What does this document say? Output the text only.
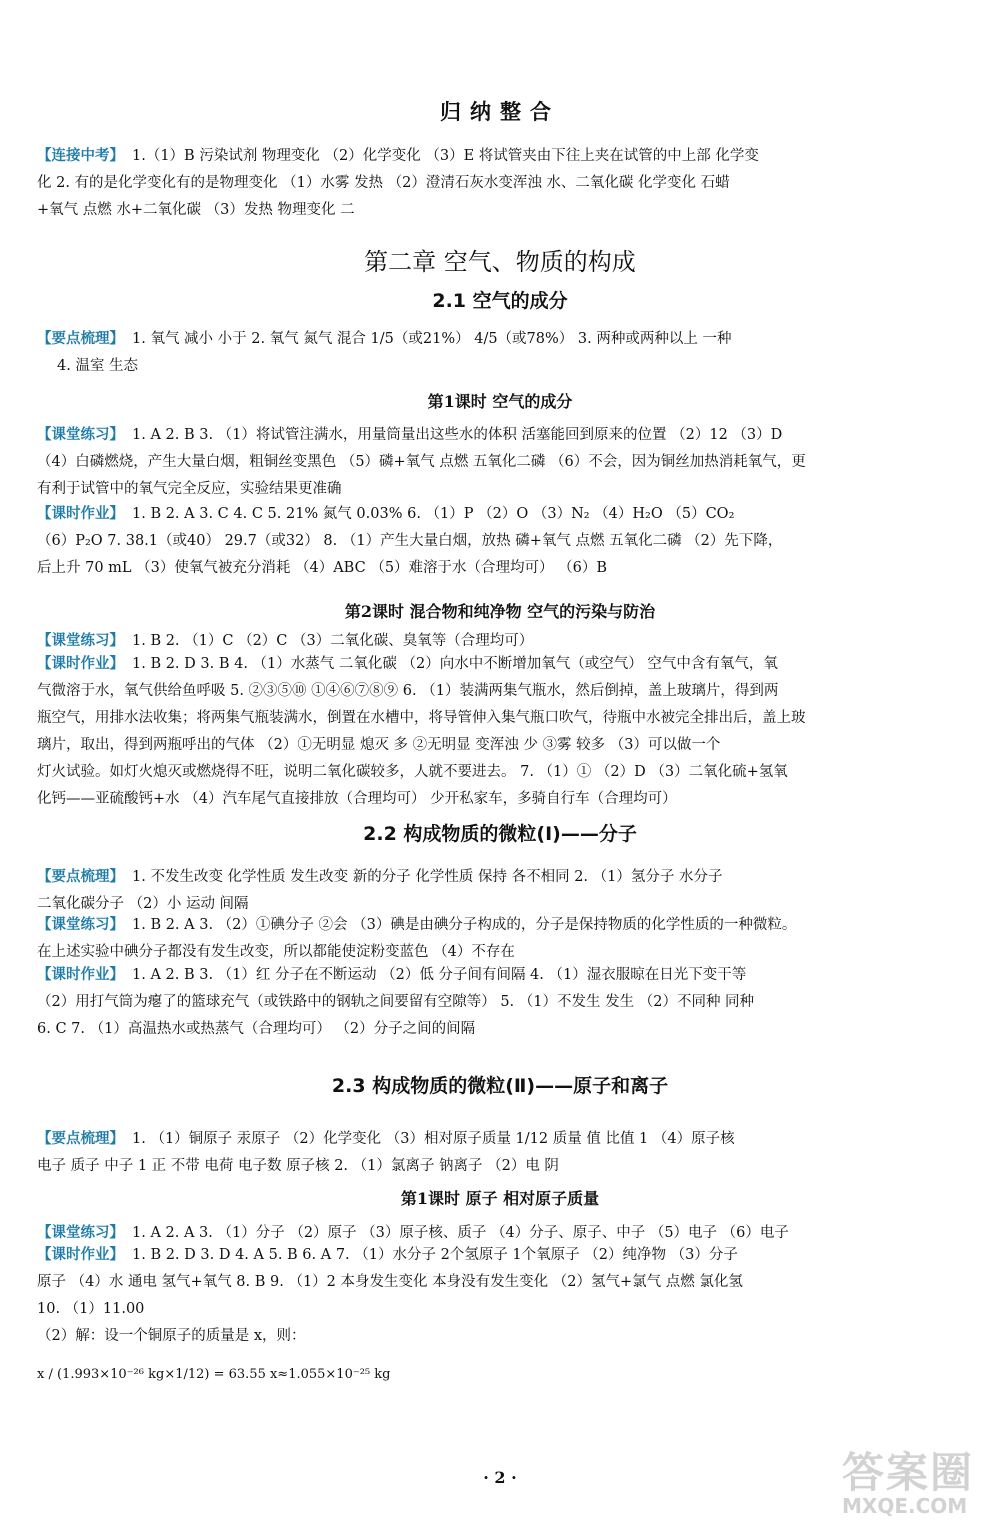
归纳整合
【连接中考】 1.（1）B 污染试剂 物理变化 （2）化学变化 （3）E 将试管夹由下往上夹在试管的中上部 化学变
化 2. 有的是化学变化有的是物理变化 （1）水雾 发热 （2）澄清石灰水变浑浊 水、二氧化碳 化学变化 石蜡
+氧气 点燃 水+二氧化碳 （3）发热 物理变化 二
第二章 空气、物质的构成
2.1 空气的成分
【要点梳理】 1. 氧气 减小 小于 2. 氧气 氮气 混合 1/5（或21%） 4/5（或78%） 3. 两种或两种以上 一种
4. 温室 生态
第1课时 空气的成分
【课堂练习】 1. A 2. B 3. （1）将试管注满水，用量筒量出这些水的体积 活塞能回到原来的位置 （2）12 （3）D
（4）白磷燃烧，产生大量白烟，粗铜丝变黑色 （5）磷+氧气 点燃 五氧化二磷 （6）不会，因为铜丝加热消耗氧气，更
有利于试管中的氧气完全反应，实验结果更准确
【课时作业】 1. B 2. A 3. C 4. C 5. 21% 氮气 0.03% 6. （1）P （2）O （3）N₂ （4）H₂O （5）CO₂
（6）P₂O 7. 38.1（或40） 29.7（或32） 8. （1）产生大量白烟，放热 磷+氧气 点燃 五氧化二磷 （2）先下降，
后上升 70 mL （3）使氧气被充分消耗 （4）ABC （5）难溶于水（合理均可） （6）B
第2课时 混合物和纯净物 空气的污染与防治
【课堂练习】 1. B 2. （1）C （2）C （3）二氧化碳、臭氧等（合理均可）
【课时作业】 1. B 2. D 3. B 4. （1）水蒸气 二氧化碳 （2）向水中不断增加氧气（或空气） 空气中含有氧气，氧
气微溶于水，氧气供给鱼呼吸 5. ②③⑤⑩ ①④⑥⑦⑧⑨ 6. （1）装满两集气瓶水，然后倒掉，盖上玻璃片，得到两
瓶空气，用排水法收集；将两集气瓶装满水，倒置在水槽中，将导管伸入集气瓶口吹气，待瓶中水被完全排出后，盖上玻
璃片，取出，得到两瓶呼出的气体 （2）①无明显 熄灭 多 ②无明显 变浑浊 少 ③雾 较多 （3）可以做一个
灯火试验。如灯火熄灭或燃烧得不旺，说明二氧化碳较多，人就不要进去。 7. （1）① （2）D （3）二氧化硫+氢氧
化钙——亚硫酸钙+水 （4）汽车尾气直接排放（合理均可） 少开私家车，多骑自行车（合理均可）
2.2 构成物质的微粒(Ⅰ)——分子
【要点梳理】 1. 不发生改变 化学性质 发生改变 新的分子 化学性质 保持 各不相同 2. （1）氢分子 水分子
二氧化碳分子 （2）小 运动 间隔
【课堂练习】 1. B 2. A 3. （2）①碘分子 ②会 （3）碘是由碘分子构成的，分子是保持物质的化学性质的一种微粒。
在上述实验中碘分子都没有发生改变，所以都能使淀粉变蓝色 （4）不存在
【课时作业】 1. A 2. B 3. （1）红 分子在不断运动 （2）低 分子间有间隔 4. （1）湿衣服晾在日光下变干等
（2）用打气筒为瘪了的篮球充气（或铁路中的钢轨之间要留有空隙等） 5. （1）不发生 发生 （2）不同种 同种
6. C 7. （1）高温热水或热蒸气（合理均可） （2）分子之间的间隔
2.3 构成物质的微粒(Ⅱ)——原子和离子
【要点梳理】 1. （1）铜原子 汞原子 （2）化学变化 （3）相对原子质量 1/12 质量 值 比值 1 （4）原子核
电子 质子 中子 1 正 不带 电荷 电子数 原子核 2. （1）氯离子 钠离子 （2）电 阴
第1课时 原子 相对原子质量
【课堂练习】 1. A 2. A 3. （1）分子 （2）原子 （3）原子核、质子 （4）分子、原子、中子 （5）电子 （6）电子
【课时作业】 1. B 2. D 3. D 4. A 5. B 6. A 7. （1）水分子 2个氢原子 1个氧原子 （2）纯净物 （3）分子
原子 （4）水 通电 氢气+氧气 8. B 9. （1）2 本身发生变化 本身没有发生变化 （2）氢气+氯气 点燃 氯化氢
10. （1）11.00
（2）解：设一个铜原子的质量是 x，则：
x / (1.993×10⁻²⁶ kg×1/12) = 63.55 x≈1.055×10⁻²⁵ kg
· 2 ·	答案圈
MXQE.COM
